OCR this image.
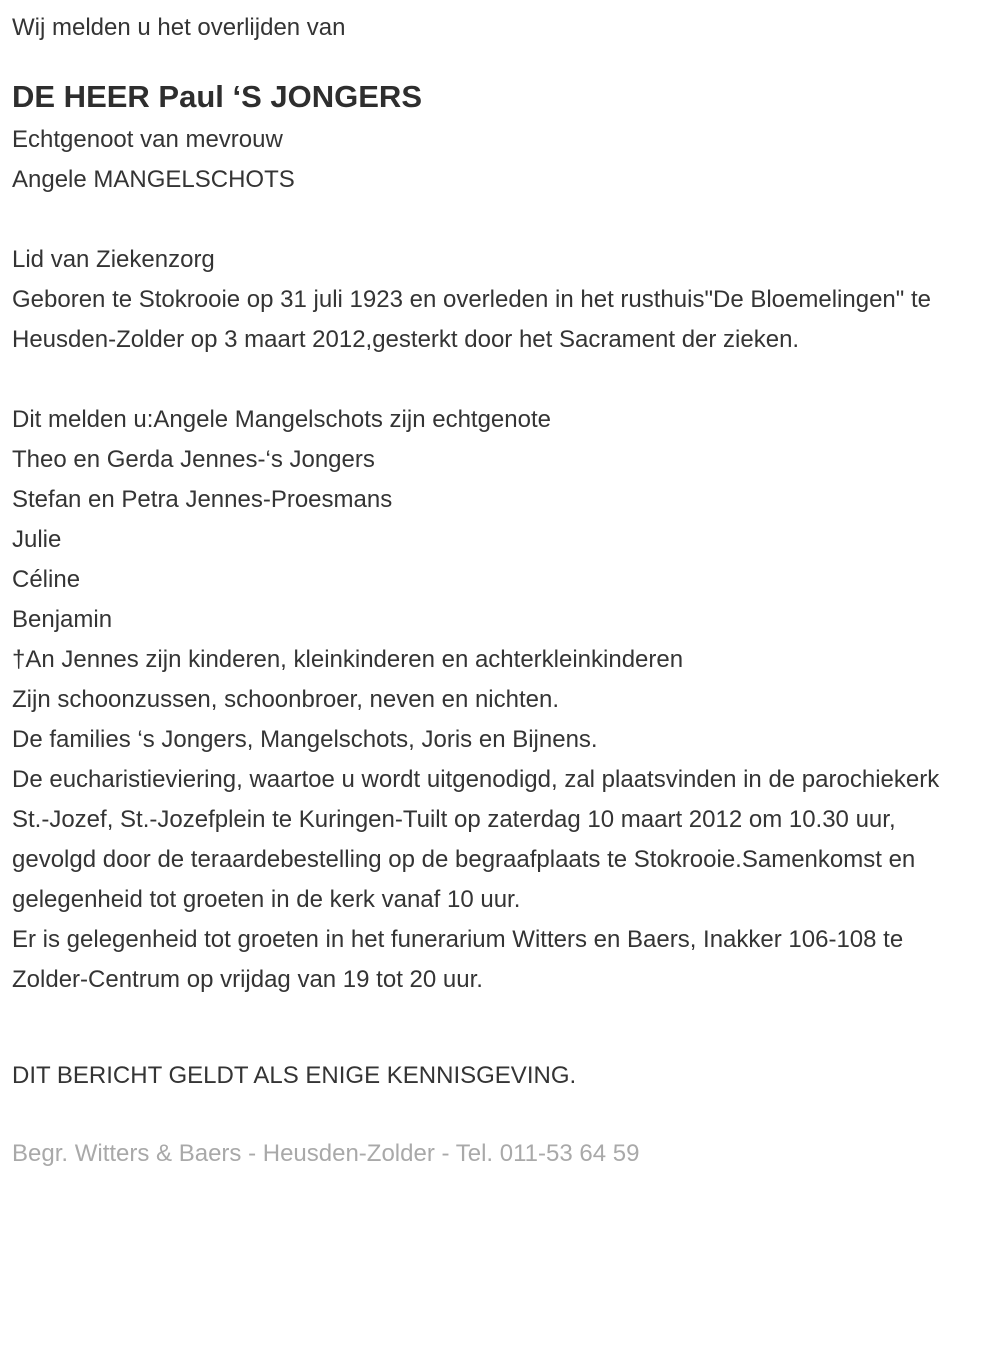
Wij melden u het overlijden van
DE HEER Paul ‘S JONGERS
Echtgenoot van mevrouw
Angele MANGELSCHOTS
Lid van Ziekenzorg

Geboren te Stokrooie op 31 juli 1923 en overleden in het rusthuis"De Bloemelingen" te Heusden-Zolder op 3 maart 2012,gesterkt door het Sacrament der zieken.

Dit melden u:Angele Mangelschots zijn echtgenote
Theo en Gerda Jennes-‘s Jongers
Stefan en Petra Jennes-Proesmans
Julie
Céline
Benjamin
†An Jennes zijn kinderen, kleinkinderen en achterkleinkinderen
Zijn schoonzussen, schoonbroer, neven en nichten.
De families ‘s Jongers, Mangelschots, Joris en Bijnens.

De eucharistieviering, waartoe u wordt uitgenodigd, zal plaatsvinden in de parochiekerk St.-Jozef, St.-Jozefplein te Kuringen-Tuilt op zaterdag 10 maart 2012 om 10.30 uur, gevolgd door de teraardebestelling op de begraafplaats te Stokrooie.Samenkomst en gelegenheid tot groeten in de kerk vanaf 10 uur.

Er is gelegenheid tot groeten in het funerarium Witters en Baers, Inakker 106-108 te Zolder-Centrum op vrijdag van 19 tot 20 uur.

DIT BERICHT GELDT ALS ENIGE KENNISGEVING.
Begr. Witters & Baers - Heusden-Zolder - Tel. 011-53 64 59
